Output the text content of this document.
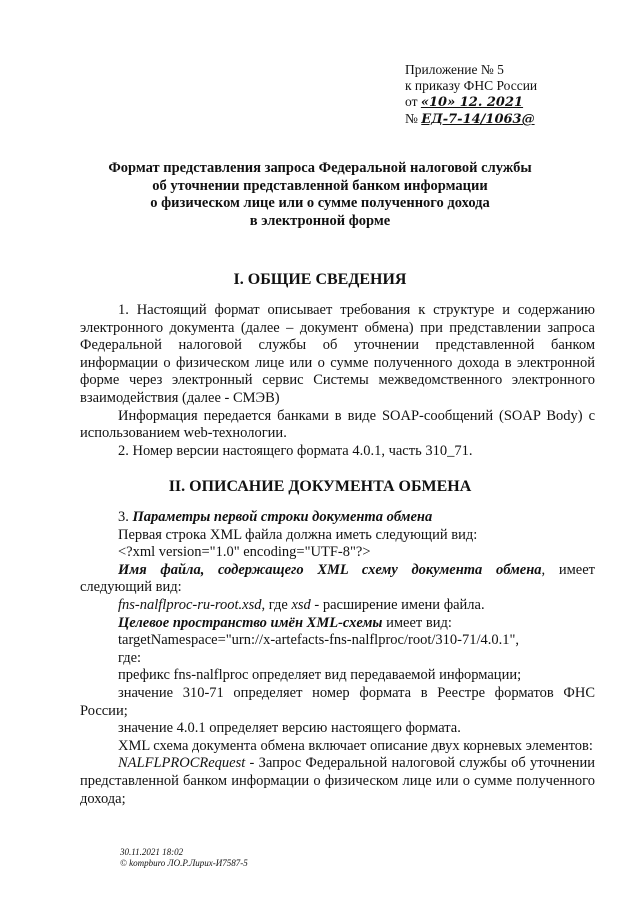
Приложение № 5
к приказу ФНС России
от «10» 12. 2021
№ ЕД-7-14/1063@
Формат представления запроса Федеральной налоговой службы
об уточнении представленной банком информации
о физическом лице или о сумме полученного дохода
в электронной форме
I. ОБЩИЕ СВЕДЕНИЯ

1. Настоящий формат описывает требования к структуре и содержанию электронного документа (далее – документ обмена) при представлении запроса Федеральной налоговой службы об уточнении представленной банком информации о физическом лице или о сумме полученного дохода в электронной форме через электронный сервис Системы межведомственного электронного взаимодействия (далее - СМЭВ)

Информация передается банками в виде SOAP-сообщений (SOAP Body) с использованием web-технологии.

2. Номер версии настоящего формата 4.0.1, часть 310_71.

II. ОПИСАНИЕ ДОКУМЕНТА ОБМЕНА

3. Параметры первой строки документа обмена

Первая строка XML файла должна иметь следующий вид:

<?xml version="1.0" encoding="UTF-8"?>

Имя файла, содержащего XML схему документа обмена, имеет следующий вид:

fns-nalflproc-ru-root.xsd, где xsd - расширение имени файла.

Целевое пространство имён XML-схемы имеет вид:

targetNamespace="urn://x-artefacts-fns-nalflproc/root/310-71/4.0.1",

где:

префикс fns-nalflproc определяет вид передаваемой информации;

значение 310-71 определяет номер формата в Реестре форматов ФНС России;

значение 4.0.1 определяет версию настоящего формата.

XML схема документа обмена включает описание двух корневых элементов:

NALFLPROCRequest - Запрос Федеральной налоговой службы об уточнении представленной банком информации о физическом лице или о сумме полученного дохода;

30.11.2021 18:02
© kompburo ЛО.Р.Лирих-И7587-5
